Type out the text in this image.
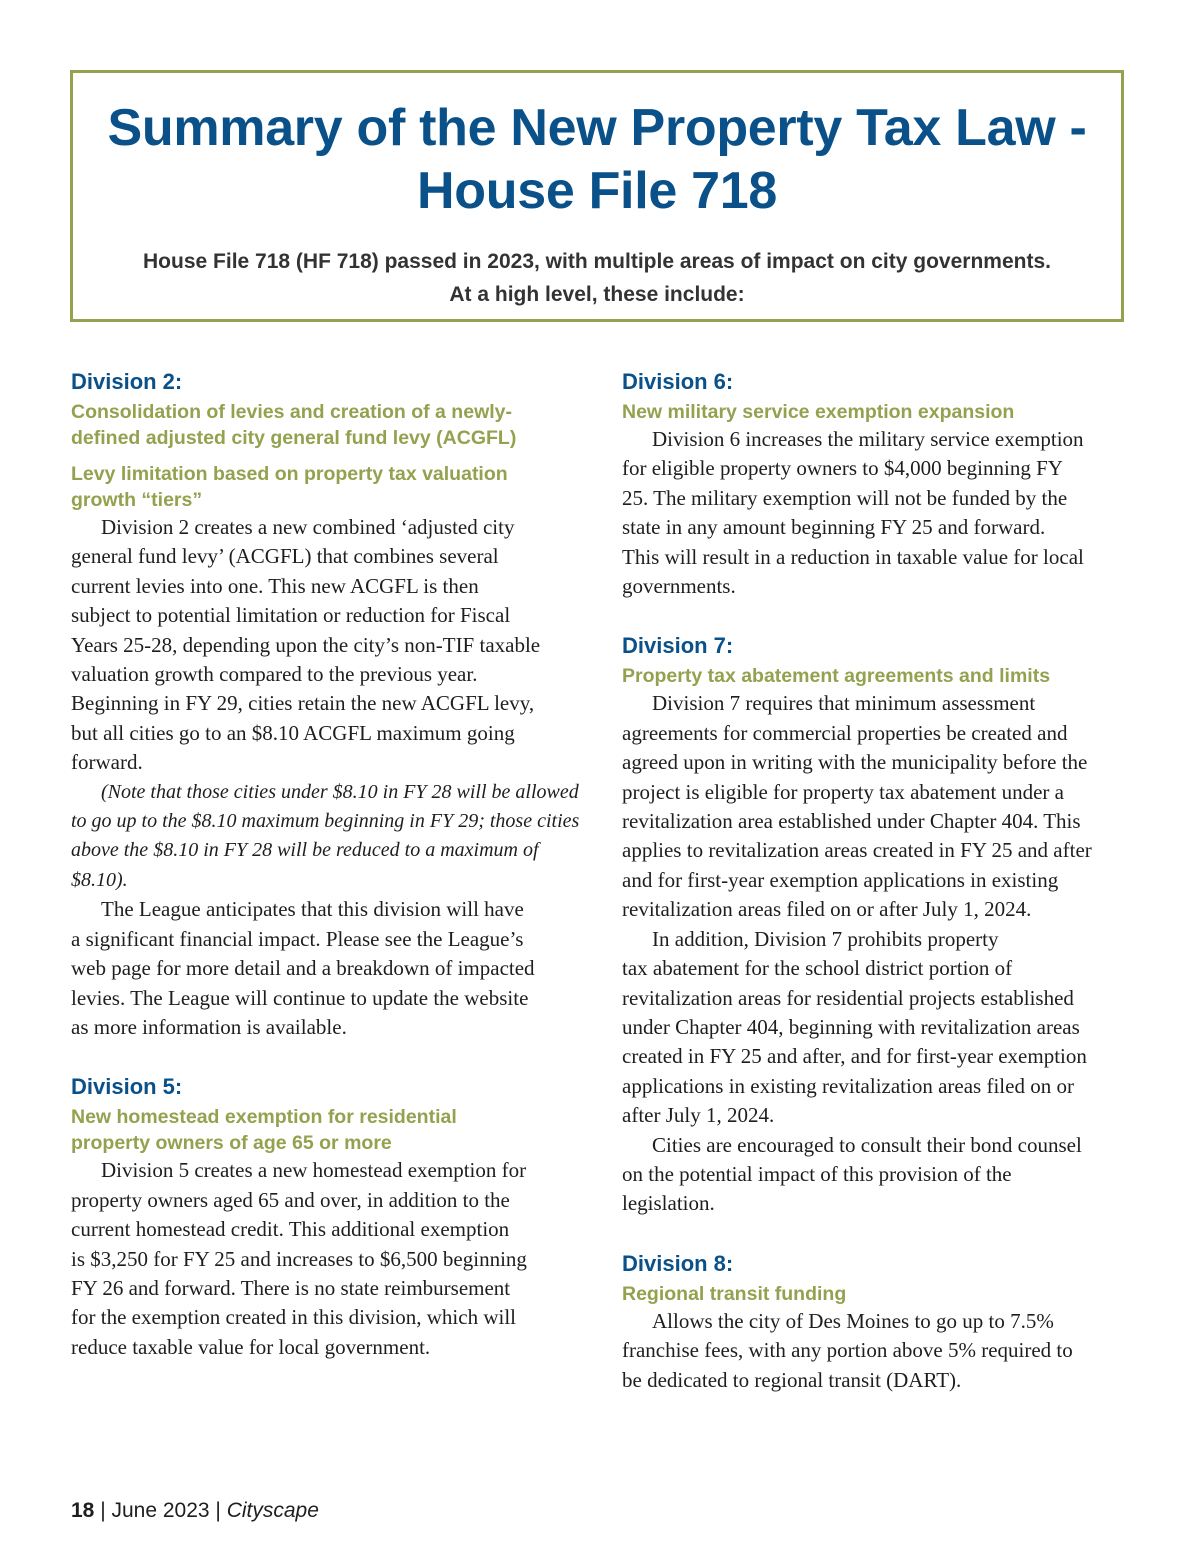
Summary of the New Property Tax Law -
House File 718

House File 718 (HF 718) passed in 2023, with multiple areas of impact on city governments.
At a high level, these include:

Division 2:
Consolidation of levies and creation of a newly-
defined adjusted city general fund levy (ACGFL)
Levy limitation based on property tax valuation
growth “tiers”

Division 2 creates a new combined ‘adjusted city
general fund levy’ (ACGFL) that combines several
current levies into one. This new ACGFL is then
subject to potential limitation or reduction for Fiscal
Years 25-28, depending upon the city’s non-TIF taxable
valuation growth compared to the previous year.
Beginning in FY 29, cities retain the new ACGFL levy,
but all cities go to an $8.10 ACGFL maximum going
forward.

(Note that those cities under $8.10 in FY 28 will be allowed
to go up to the $8.10 maximum beginning in FY 29; those cities
above the $8.10 in FY 28 will be reduced to a maximum of
$8.10).

The League anticipates that this division will have
a significant financial impact. Please see the League’s
web page for more detail and a breakdown of impacted
levies. The League will continue to update the website
as more information is available.

Division 5:
New homestead exemption for residential
property owners of age 65 or more

Division 5 creates a new homestead exemption for
property owners aged 65 and over, in addition to the
current homestead credit. This additional exemption
is $3,250 for FY 25 and increases to $6,500 beginning
FY 26 and forward. There is no state reimbursement
for the exemption created in this division, which will
reduce taxable value for local government.

Division 6:
New military service exemption expansion

Division 6 increases the military service exemption
for eligible property owners to $4,000 beginning FY
25. The military exemption will not be funded by the
state in any amount beginning FY 25 and forward.
This will result in a reduction in taxable value for local
governments.

Division 7:
Property tax abatement agreements and limits

Division 7 requires that minimum assessment
agreements for commercial properties be created and
agreed upon in writing with the municipality before the
project is eligible for property tax abatement under a
revitalization area established under Chapter 404. This
applies to revitalization areas created in FY 25 and after
and for first-year exemption applications in existing
revitalization areas filed on or after July 1, 2024.

In addition, Division 7 prohibits property
tax abatement for the school district portion of
revitalization areas for residential projects established
under Chapter 404, beginning with revitalization areas
created in FY 25 and after, and for first-year exemption
applications in existing revitalization areas filed on or
after July 1, 2024.

Cities are encouraged to consult their bond counsel
on the potential impact of this provision of the
legislation.

Division 8:
Regional transit funding

Allows the city of Des Moines to go up to 7.5%
franchise fees, with any portion above 5% required to
be dedicated to regional transit (DART).

18 | June 2023 | Cityscape
